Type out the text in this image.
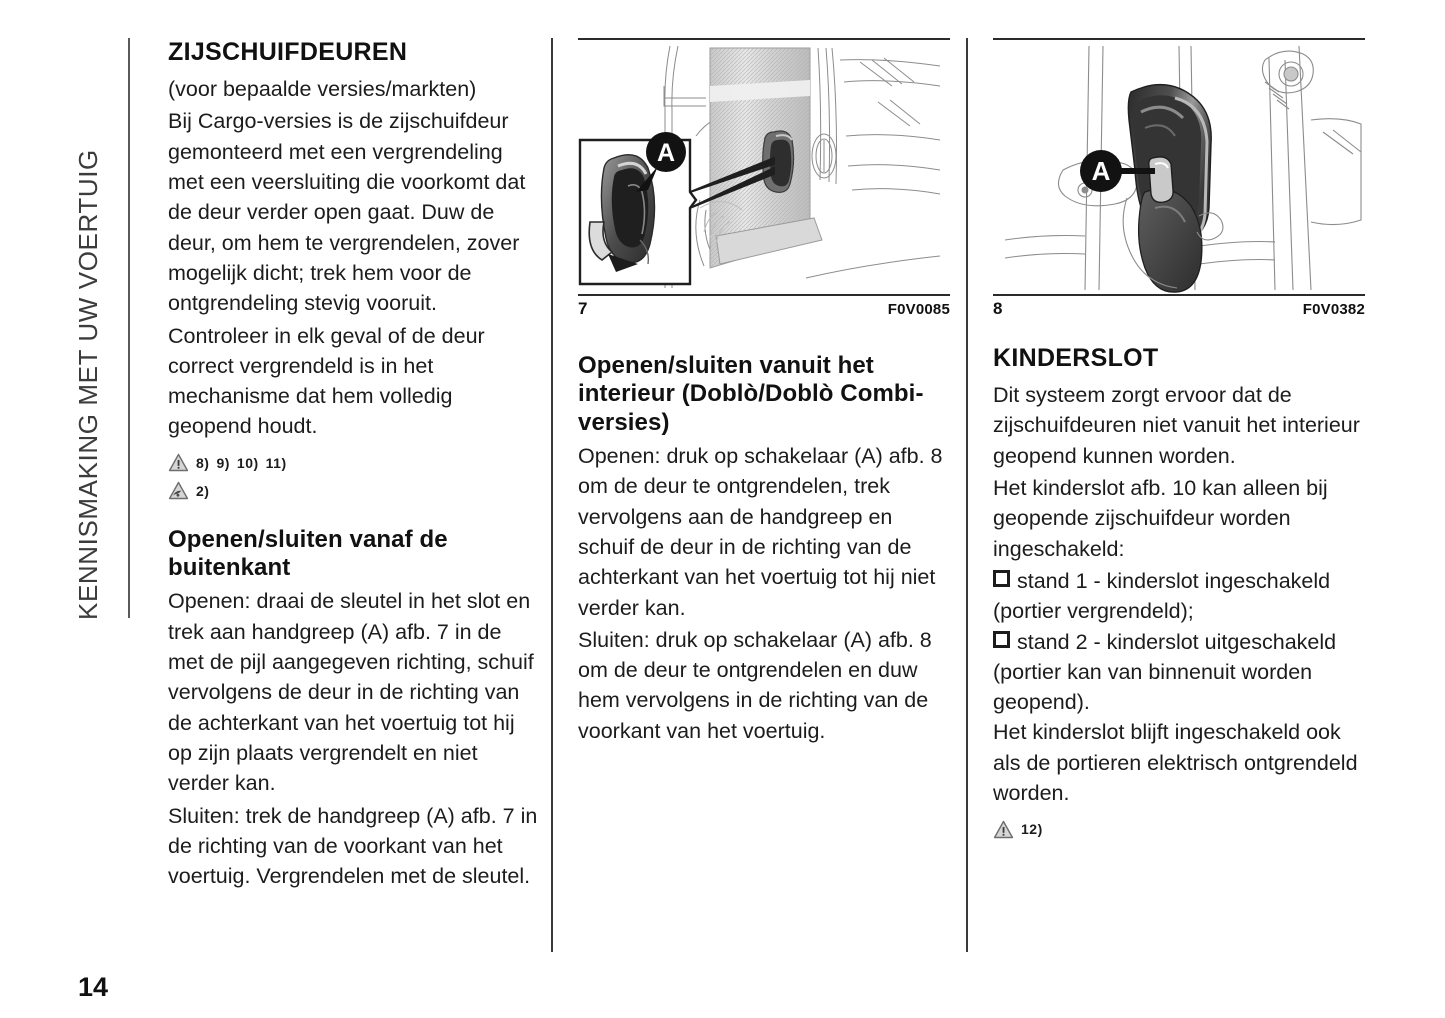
KENNISMAKING MET UW VOERTUIG
ZIJSCHUIFDEUREN

(voor bepaalde versies/markten)

Bij Cargo-versies is de zijschuifdeur gemonteerd met een vergrendeling met een veersluiting die voorkomt dat de deur verder open gaat. Duw de deur, om hem te vergrendelen, zover mogelijk dicht; trek hem voor de ontgrendeling stevig vooruit.

Controleer in elk geval of de deur correct vergrendeld is in het mechanisme dat hem volledig geopend houdt.

8) 9) 10) 11)
2)
Openen/sluiten vanaf de buitenkant

Openen: draai de sleutel in het slot en trek aan handgreep (A) afb. 7 in de met de pijl aangegeven richting, schuif vervolgens de deur in de richting van de achterkant van het voertuig tot hij op zijn plaats vergrendelt en niet verder kan.

Sluiten: trek de handgreep (A) afb. 7 in de richting van de voorkant van het voertuig. Vergrendelen met de sleutel.

A
7	F0V0085
Openen/sluiten vanuit het interieur (Doblò/Doblò Combi-versies)

Openen: druk op schakelaar (A) afb. 8 om de deur te ontgrendelen, trek vervolgens aan de handgreep en schuif de deur in de richting van de achterkant van het voertuig tot hij niet verder kan.

Sluiten: druk op schakelaar (A) afb. 8 om de deur te ontgrendelen en duw hem vervolgens in de richting van de voorkant van het voertuig.

A
8	F0V0382
KINDERSLOT

Dit systeem zorgt ervoor dat de zijschuifdeuren niet vanuit het interieur geopend kunnen worden.

Het kinderslot afb. 10 kan alleen bij geopende zijschuifdeur worden ingeschakeld:

stand 1 - kinderslot ingeschakeld (portier vergrendeld);

stand 2 - kinderslot uitgeschakeld (portier kan van binnenuit worden geopend).

Het kinderslot blijft ingeschakeld ook als de portieren elektrisch ontgrendeld worden.

12)
14
